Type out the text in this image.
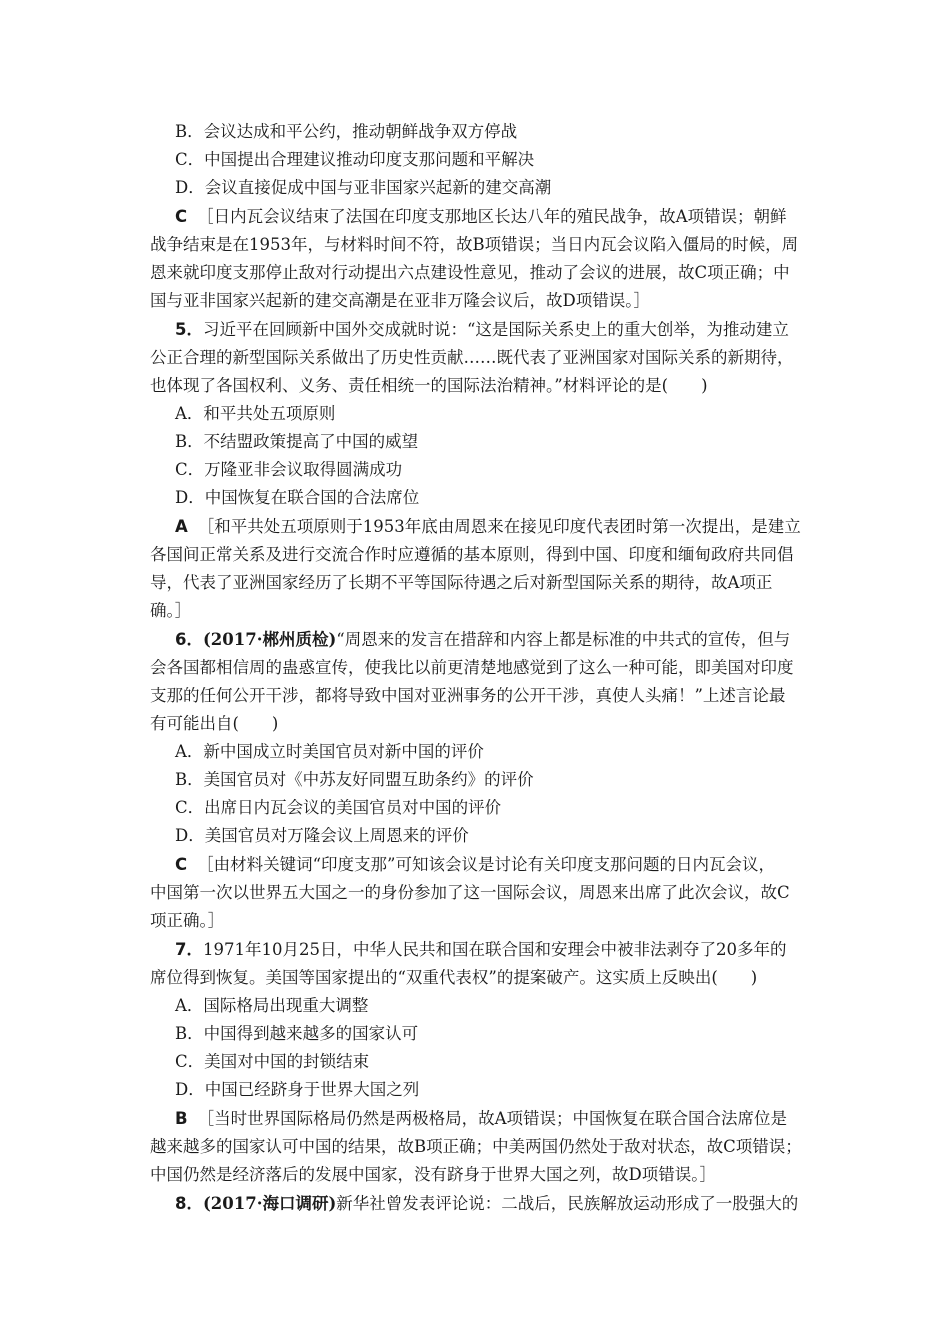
B．会议达成和平公约，推动朝鲜战争双方停战
C．中国提出合理建议推动印度支那问题和平解决
D．会议直接促成中国与亚非国家兴起新的建交高潮
C ［日内瓦会议结束了法国在印度支那地区长达八年的殖民战争，故A项错误；朝鲜
战争结束是在1953年，与材料时间不符，故B项错误；当日内瓦会议陷入僵局的时候，周
恩来就印度支那停止敌对行动提出六点建设性意见，推动了会议的进展，故C项正确；中
国与亚非国家兴起新的建交高潮是在亚非万隆会议后，故D项错误。］
5．习近平在回顾新中国外交成就时说：“这是国际关系史上的重大创举，为推动建立
公正合理的新型国际关系做出了历史性贡献……既代表了亚洲国家对国际关系的新期待，
也体现了各国权利、义务、责任相统一的国际法治精神。”材料评论的是(　　)
A．和平共处五项原则
B．不结盟政策提高了中国的威望
C．万隆亚非会议取得圆满成功
D．中国恢复在联合国的合法席位
A ［和平共处五项原则于1953年底由周恩来在接见印度代表团时第一次提出，是建立
各国间正常关系及进行交流合作时应遵循的基本原则，得到中国、印度和缅甸政府共同倡
导，代表了亚洲国家经历了长期不平等国际待遇之后对新型国际关系的期待，故A项正
确。］
6．(2017·郴州质检)“周恩来的发言在措辞和内容上都是标准的中共式的宣传，但与
会各国都相信周的蛊惑宣传，使我比以前更清楚地感觉到了这么一种可能，即美国对印度
支那的任何公开干涉，都将导致中国对亚洲事务的公开干涉，真使人头痛！”上述言论最
有可能出自(　　)
A．新中国成立时美国官员对新中国的评价
B．美国官员对《中苏友好同盟互助条约》的评价
C．出席日内瓦会议的美国官员对中国的评价
D．美国官员对万隆会议上周恩来的评价
C ［由材料关键词“印度支那”可知该会议是讨论有关印度支那问题的日内瓦会议，
中国第一次以世界五大国之一的身份参加了这一国际会议，周恩来出席了此次会议，故C
项正确。］
7．1971年10月25日，中华人民共和国在联合国和安理会中被非法剥夺了20多年的
席位得到恢复。美国等国家提出的“双重代表权”的提案破产。这实质上反映出(　　)
A．国际格局出现重大调整
B．中国得到越来越多的国家认可
C．美国对中国的封锁结束
D．中国已经跻身于世界大国之列
B ［当时世界国际格局仍然是两极格局，故A项错误；中国恢复在联合国合法席位是
越来越多的国家认可中国的结果，故B项正确；中美两国仍然处于敌对状态，故C项错误；
中国仍然是经济落后的发展中国家，没有跻身于世界大国之列，故D项错误。］
8．(2017·海口调研)新华社曾发表评论说：二战后，民族解放运动形成了一股强大的
